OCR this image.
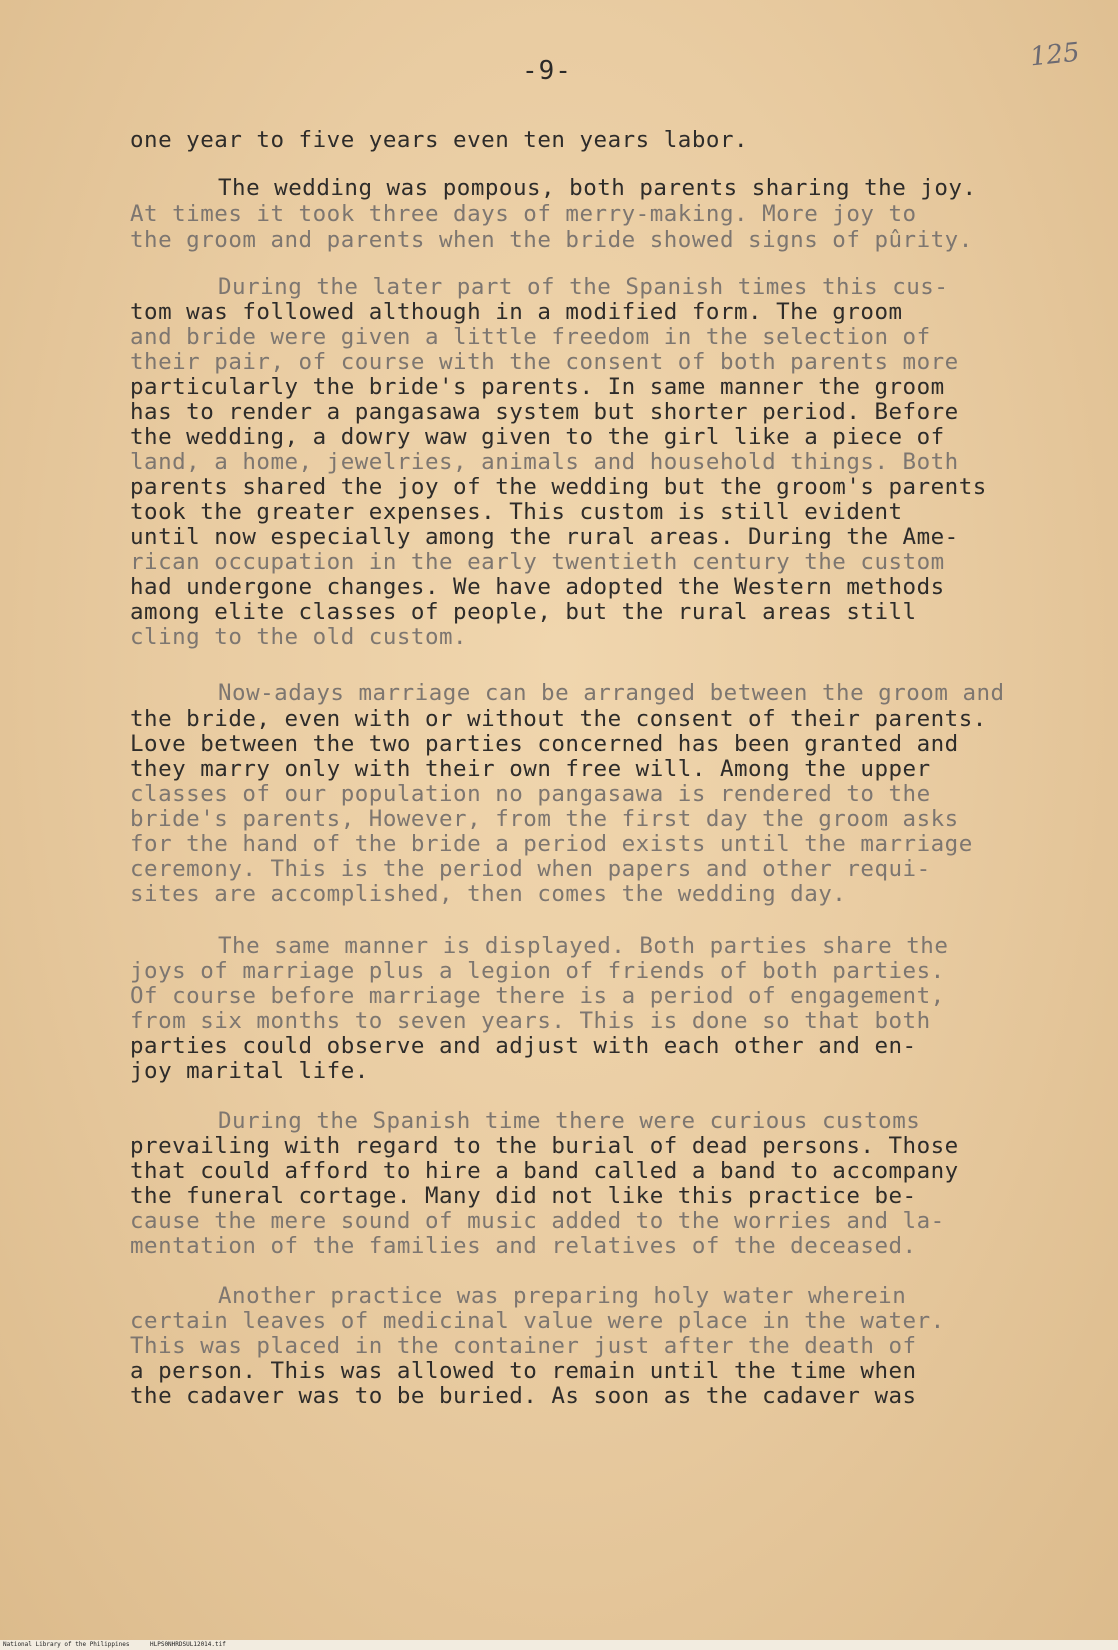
-9-	125
one year to five years even ten years labor.
The wedding was pompous, both parents sharing the joy.
At times it took three days of merry-making. More joy to
the groom and parents when the bride showed signs of pûrity.
During the later part of the Spanish times this cus-
tom was followed although in a modified form. The groom
and bride were given a little freedom in the selection of
their pair, of course with the consent of both parents more
particularly the bride's parents. In same manner the groom
has to render a pangasawa system but shorter period. Before
the wedding, a dowry waw given to the girl like a piece of
land, a home, jewelries, animals and household things. Both
parents shared the joy of the wedding but the groom's parents
took the greater expenses. This custom is still evident
until now especially among the rural areas. During the Ame-
rican occupation in the early twentieth century the custom
had undergone changes. We have adopted the Western methods
among elite classes of people, but the rural areas still
cling to the old custom.
Now-adays marriage can be arranged between the groom and
the bride, even with or without the consent of their parents.
Love between the two parties concerned has been granted and
they marry only with their own free will. Among the upper
classes of our population no pangasawa is rendered to the
bride's parents, However, from the first day the groom asks
for the hand of the bride a period exists until the marriage
ceremony. This is the period when papers and other requi-
sites are accomplished, then comes the wedding day.
The same manner is displayed. Both parties share the
joys of marriage plus a legion of friends of both parties.
Of course before marriage there is a period of engagement,
from six months to seven years. This is done so that both
parties could observe and adjust with each other and en-
joy marital life.
During the Spanish time there were curious customs
prevailing with regard to the burial of dead persons. Those
that could afford to hire a band called a band to accompany
the funeral cortage. Many did not like this practice be-
cause the mere sound of music added to the worries and la-
mentation of the families and relatives of the deceased.
Another practice was preparing holy water wherein
certain leaves of medicinal value were place in the water.
This was placed in the container just after the death of
a person. This was allowed to remain until the time when
the cadaver was to be buried. As soon as the cadaver was
National Library of the Philippines	HLPS0NHRDSUL12014.tif
